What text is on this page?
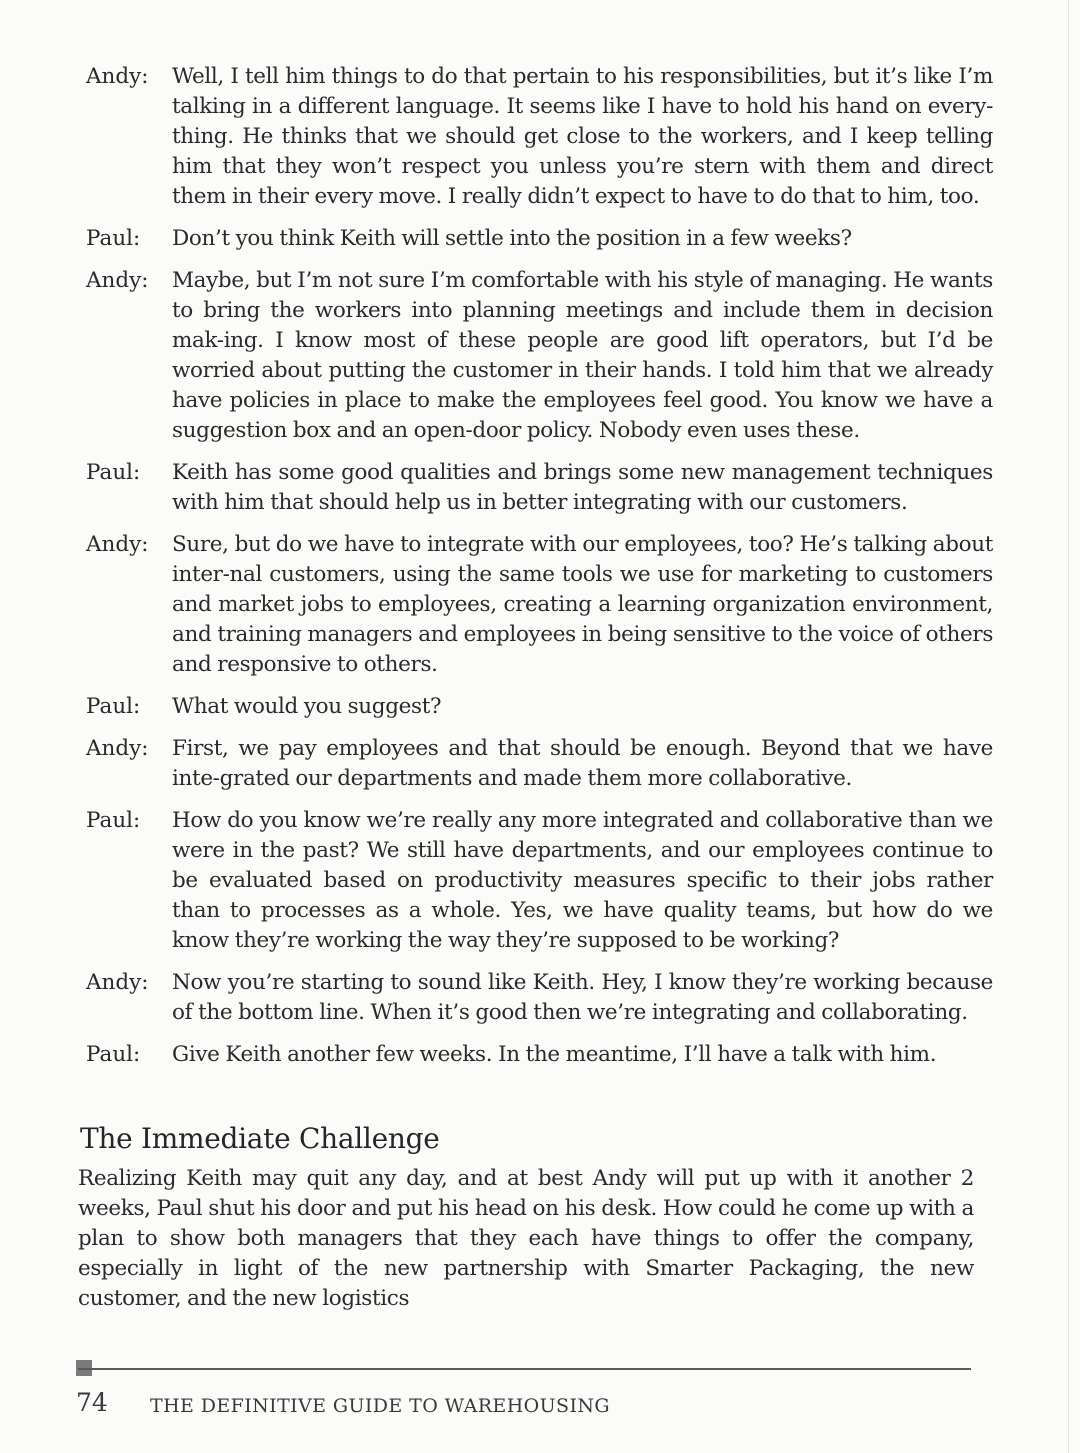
Andy:	Well, I tell him things to do that pertain to his responsibilities, but it’s like I’m talking in a different language. It seems like I have to hold his hand on every-thing. He thinks that we should get close to the workers, and I keep telling him that they won’t respect you unless you’re stern with them and direct them in their every move. I really didn’t expect to have to do that to him, too.
Paul:	Don’t you think Keith will settle into the position in a few weeks?
Andy:	Maybe, but I’m not sure I’m comfortable with his style of managing. He wants to bring the workers into planning meetings and include them in decision mak-ing. I know most of these people are good lift operators, but I’d be worried about putting the customer in their hands. I told him that we already have policies in place to make the employees feel good. You know we have a suggestion box and an open-door policy. Nobody even uses these.
Paul:	Keith has some good qualities and brings some new management techniques with him that should help us in better integrating with our customers.
Andy:	Sure, but do we have to integrate with our employees, too? He’s talking about inter-nal customers, using the same tools we use for marketing to customers and market jobs to employees, creating a learning organization environment, and training managers and employees in being sensitive to the voice of others and responsive to others.
Paul:	What would you suggest?
Andy:	First, we pay employees and that should be enough. Beyond that we have inte-grated our departments and made them more collaborative.
Paul:	How do you know we’re really any more integrated and collaborative than we were in the past? We still have departments, and our employees continue to be evaluated based on productivity measures specific to their jobs rather than to processes as a whole. Yes, we have quality teams, but how do we know they’re working the way they’re supposed to be working?
Andy:	Now you’re starting to sound like Keith. Hey, I know they’re working because of the bottom line. When it’s good then we’re integrating and collaborating.
Paul:	Give Keith another few weeks. In the meantime, I’ll have a talk with him.
The Immediate Challenge

Realizing Keith may quit any day, and at best Andy will put up with it another 2 weeks, Paul shut his door and put his head on his desk. How could he come up with a plan to show both managers that they each have things to offer the company, especially in light of the new partnership with Smarter Packaging, the new customer, and the new logistics

74 THE DEFINITIVE GUIDE TO WAREHOUSING
